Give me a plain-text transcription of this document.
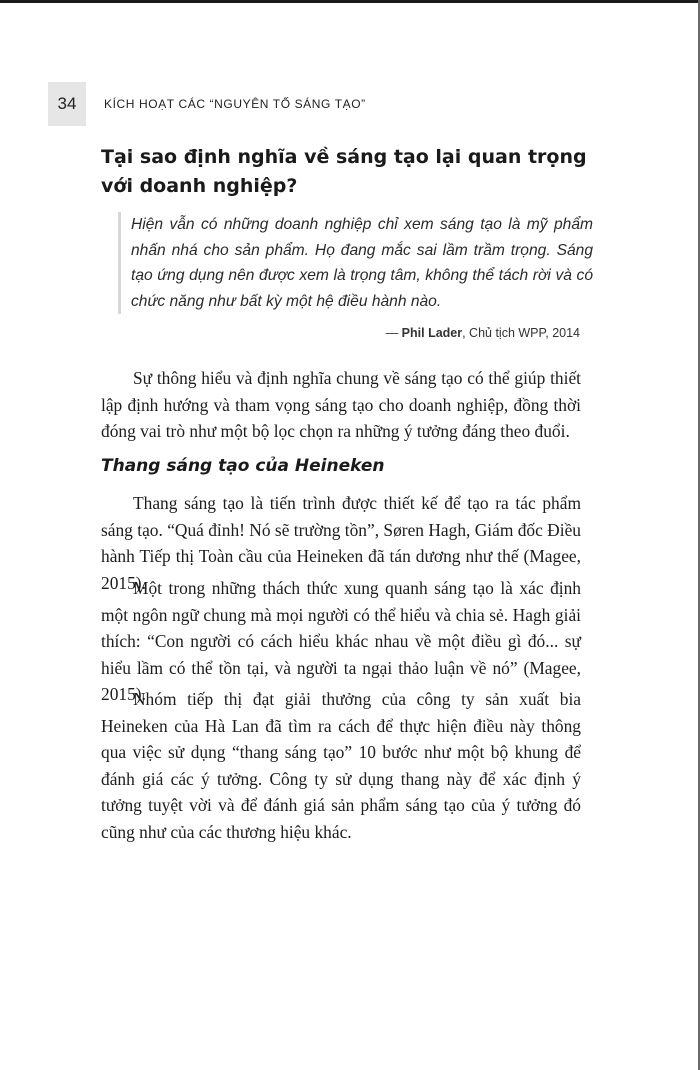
34	KÍCH HOẠT CÁC “NGUYÊN TỐ SÁNG TẠO”
Tại sao định nghĩa về sáng tạo lại quan trọng với doanh nghiệp?
Hiện vẫn có những doanh nghiệp chỉ xem sáng tạo là mỹ phẩm nhấn nhá cho sản phẩm. Họ đang mắc sai lầm trầm trọng. Sáng tạo ứng dụng nên được xem là trọng tâm, không thể tách rời và có chức năng như bất kỳ một hệ điều hành nào.
— Phil Lader, Chủ tịch WPP, 2014

Sự thông hiểu và định nghĩa chung về sáng tạo có thể giúp thiết lập định hướng và tham vọng sáng tạo cho doanh nghiệp, đồng thời đóng vai trò như một bộ lọc chọn ra những ý tưởng đáng theo đuổi.

Thang sáng tạo của Heineken

Thang sáng tạo là tiến trình được thiết kế để tạo ra tác phẩm sáng tạo. “Quá đỉnh! Nó sẽ trường tồn”, Søren Hagh, Giám đốc Điều hành Tiếp thị Toàn cầu của Heineken đã tán dương như thế (Magee, 2015).

Một trong những thách thức xung quanh sáng tạo là xác định một ngôn ngữ chung mà mọi người có thể hiểu và chia sẻ. Hagh giải thích: “Con người có cách hiểu khác nhau về một điều gì đó... sự hiểu lầm có thể tồn tại, và người ta ngại thảo luận về nó” (Magee, 2015).

Nhóm tiếp thị đạt giải thưởng của công ty sản xuất bia Heineken của Hà Lan đã tìm ra cách để thực hiện điều này thông qua việc sử dụng “thang sáng tạo” 10 bước như một bộ khung để đánh giá các ý tưởng. Công ty sử dụng thang này để xác định ý tưởng tuyệt vời và để đánh giá sản phẩm sáng tạo của ý tưởng đó cũng như của các thương hiệu khác.
